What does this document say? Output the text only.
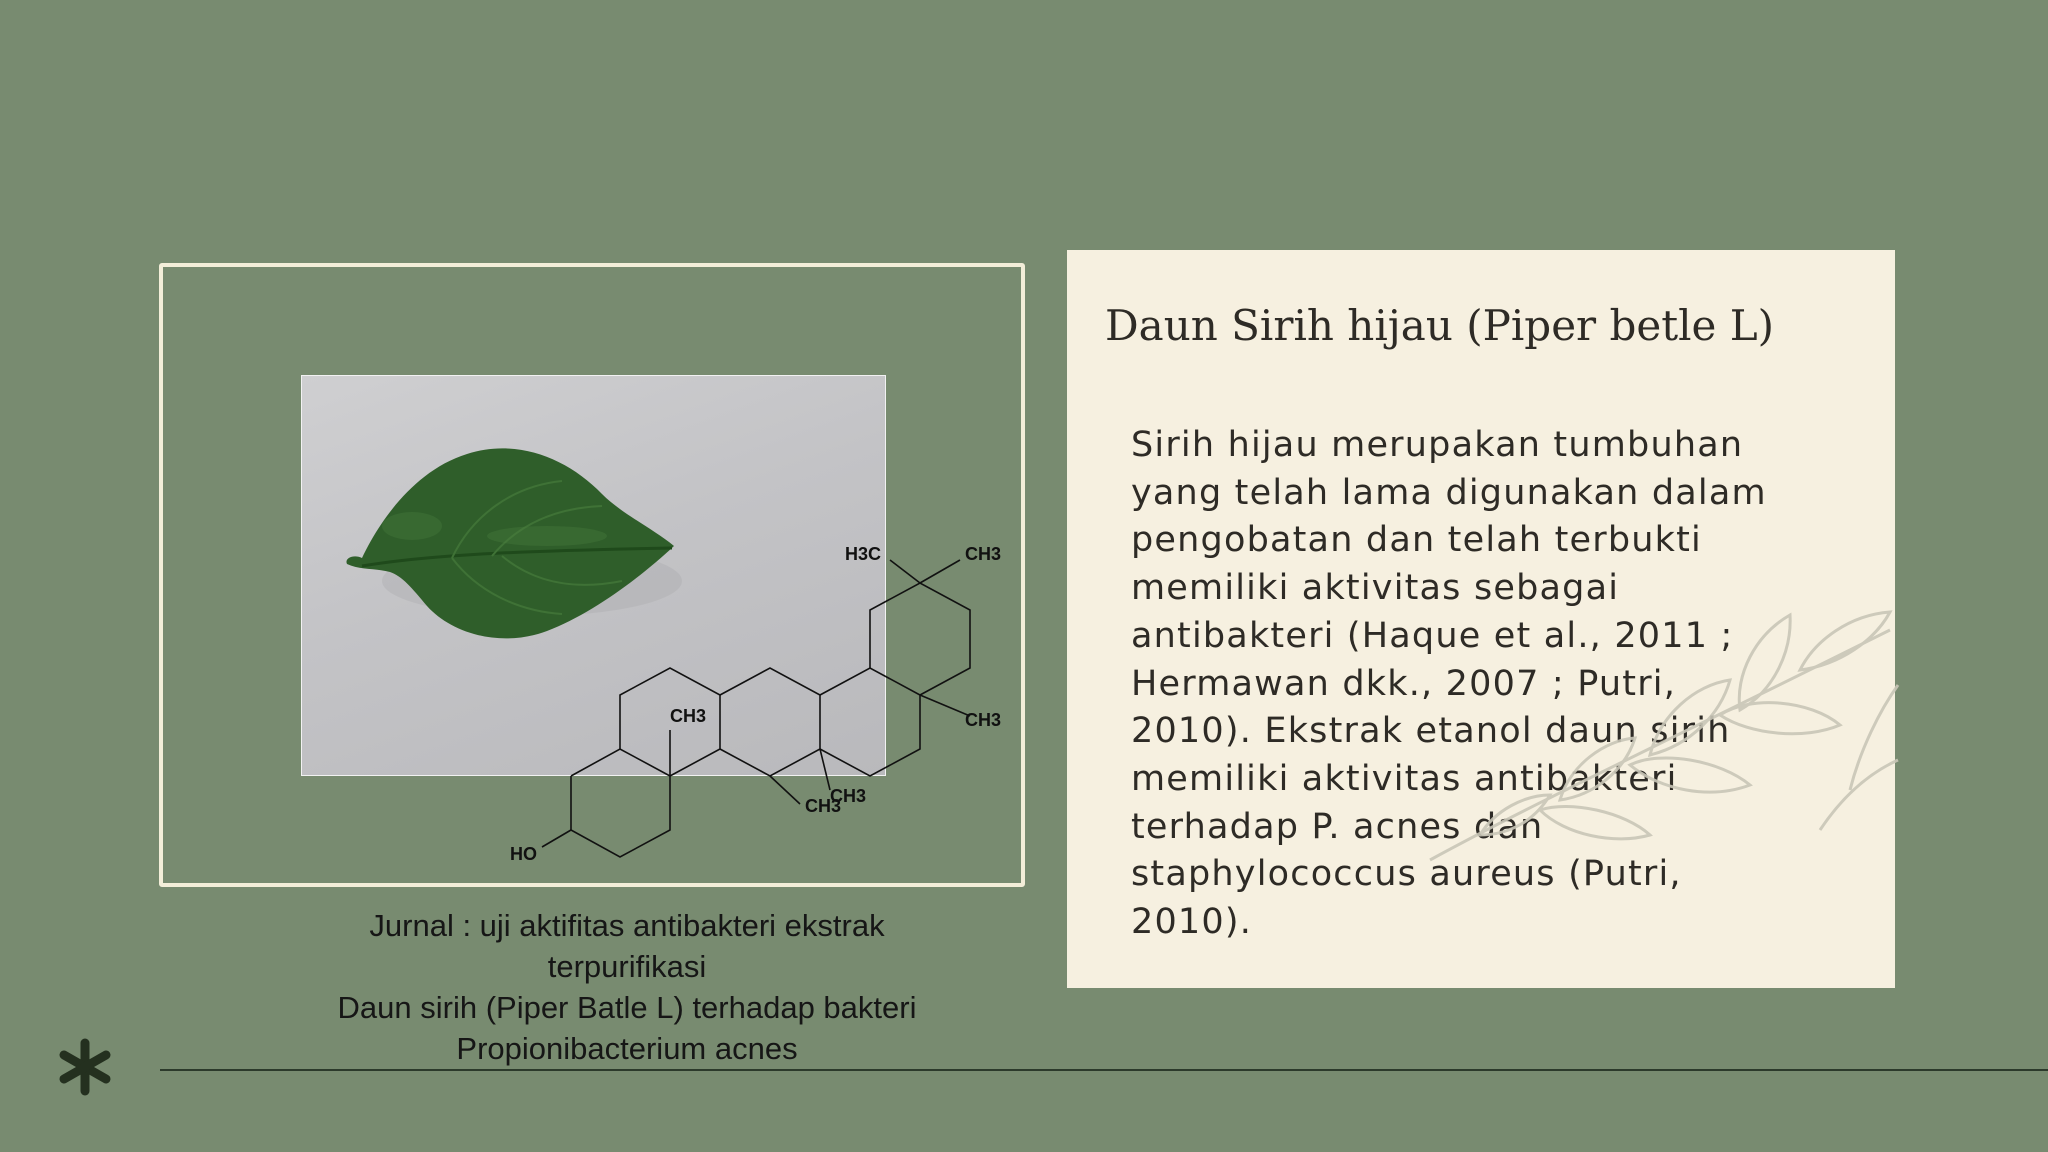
HO
CH3
CH3
CH3
H3C	CH3
CH3
Jurnal : uji aktifitas antibakteri ekstrak
terpurifikasi
Daun sirih (Piper Batle L) terhadap bakteri
Propionibacterium acnes
Daun Sirih hijau (Piper betle L)
Sirih hijau merupakan tumbuhan
yang telah lama digunakan dalam
pengobatan dan telah terbukti
memiliki aktivitas sebagai
antibakteri (Haque et al., 2011 ;
Hermawan dkk., 2007 ; Putri,
2010). Ekstrak etanol daun sirih
memiliki aktivitas antibakteri
terhadap P. acnes dan
staphylococcus aureus (Putri,
2010).
